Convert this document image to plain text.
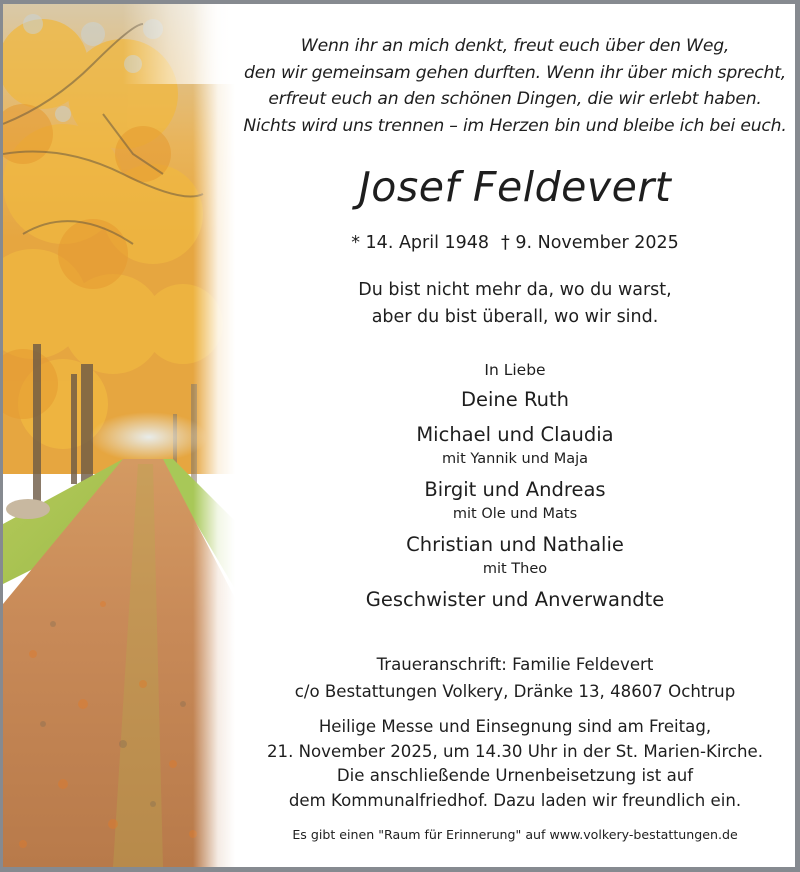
Wenn ihr an mich denkt, freut euch über den Weg,
den wir gemeinsam gehen durften. Wenn ihr über mich sprecht,
erfreut euch an den schönen Dingen, die wir erlebt haben.
Nichts wird uns trennen – im Herzen bin und bleibe ich bei euch.
Josef Feldevert
* 14. April 1948 † 9. November 2025
Du bist nicht mehr da, wo du warst,
aber du bist überall, wo wir sind.
In Liebe
Deine Ruth
Michael und Claudia
mit Yannik und Maja
Birgit und Andreas
mit Ole und Mats
Christian und Nathalie
mit Theo
Geschwister und Anverwandte
Traueranschrift: Familie Feldevert
c/o Bestattungen Volkery, Dränke 13, 48607 Ochtrup
Heilige Messe und Einsegnung sind am Freitag,
21. November 2025, um 14.30 Uhr in der St. Marien-Kirche.
Die anschließende Urnenbeisetzung ist auf
dem Kommunalfriedhof. Dazu laden wir freundlich ein.
Es gibt einen "Raum für Erinnerung" auf www.volkery-bestattungen.de
